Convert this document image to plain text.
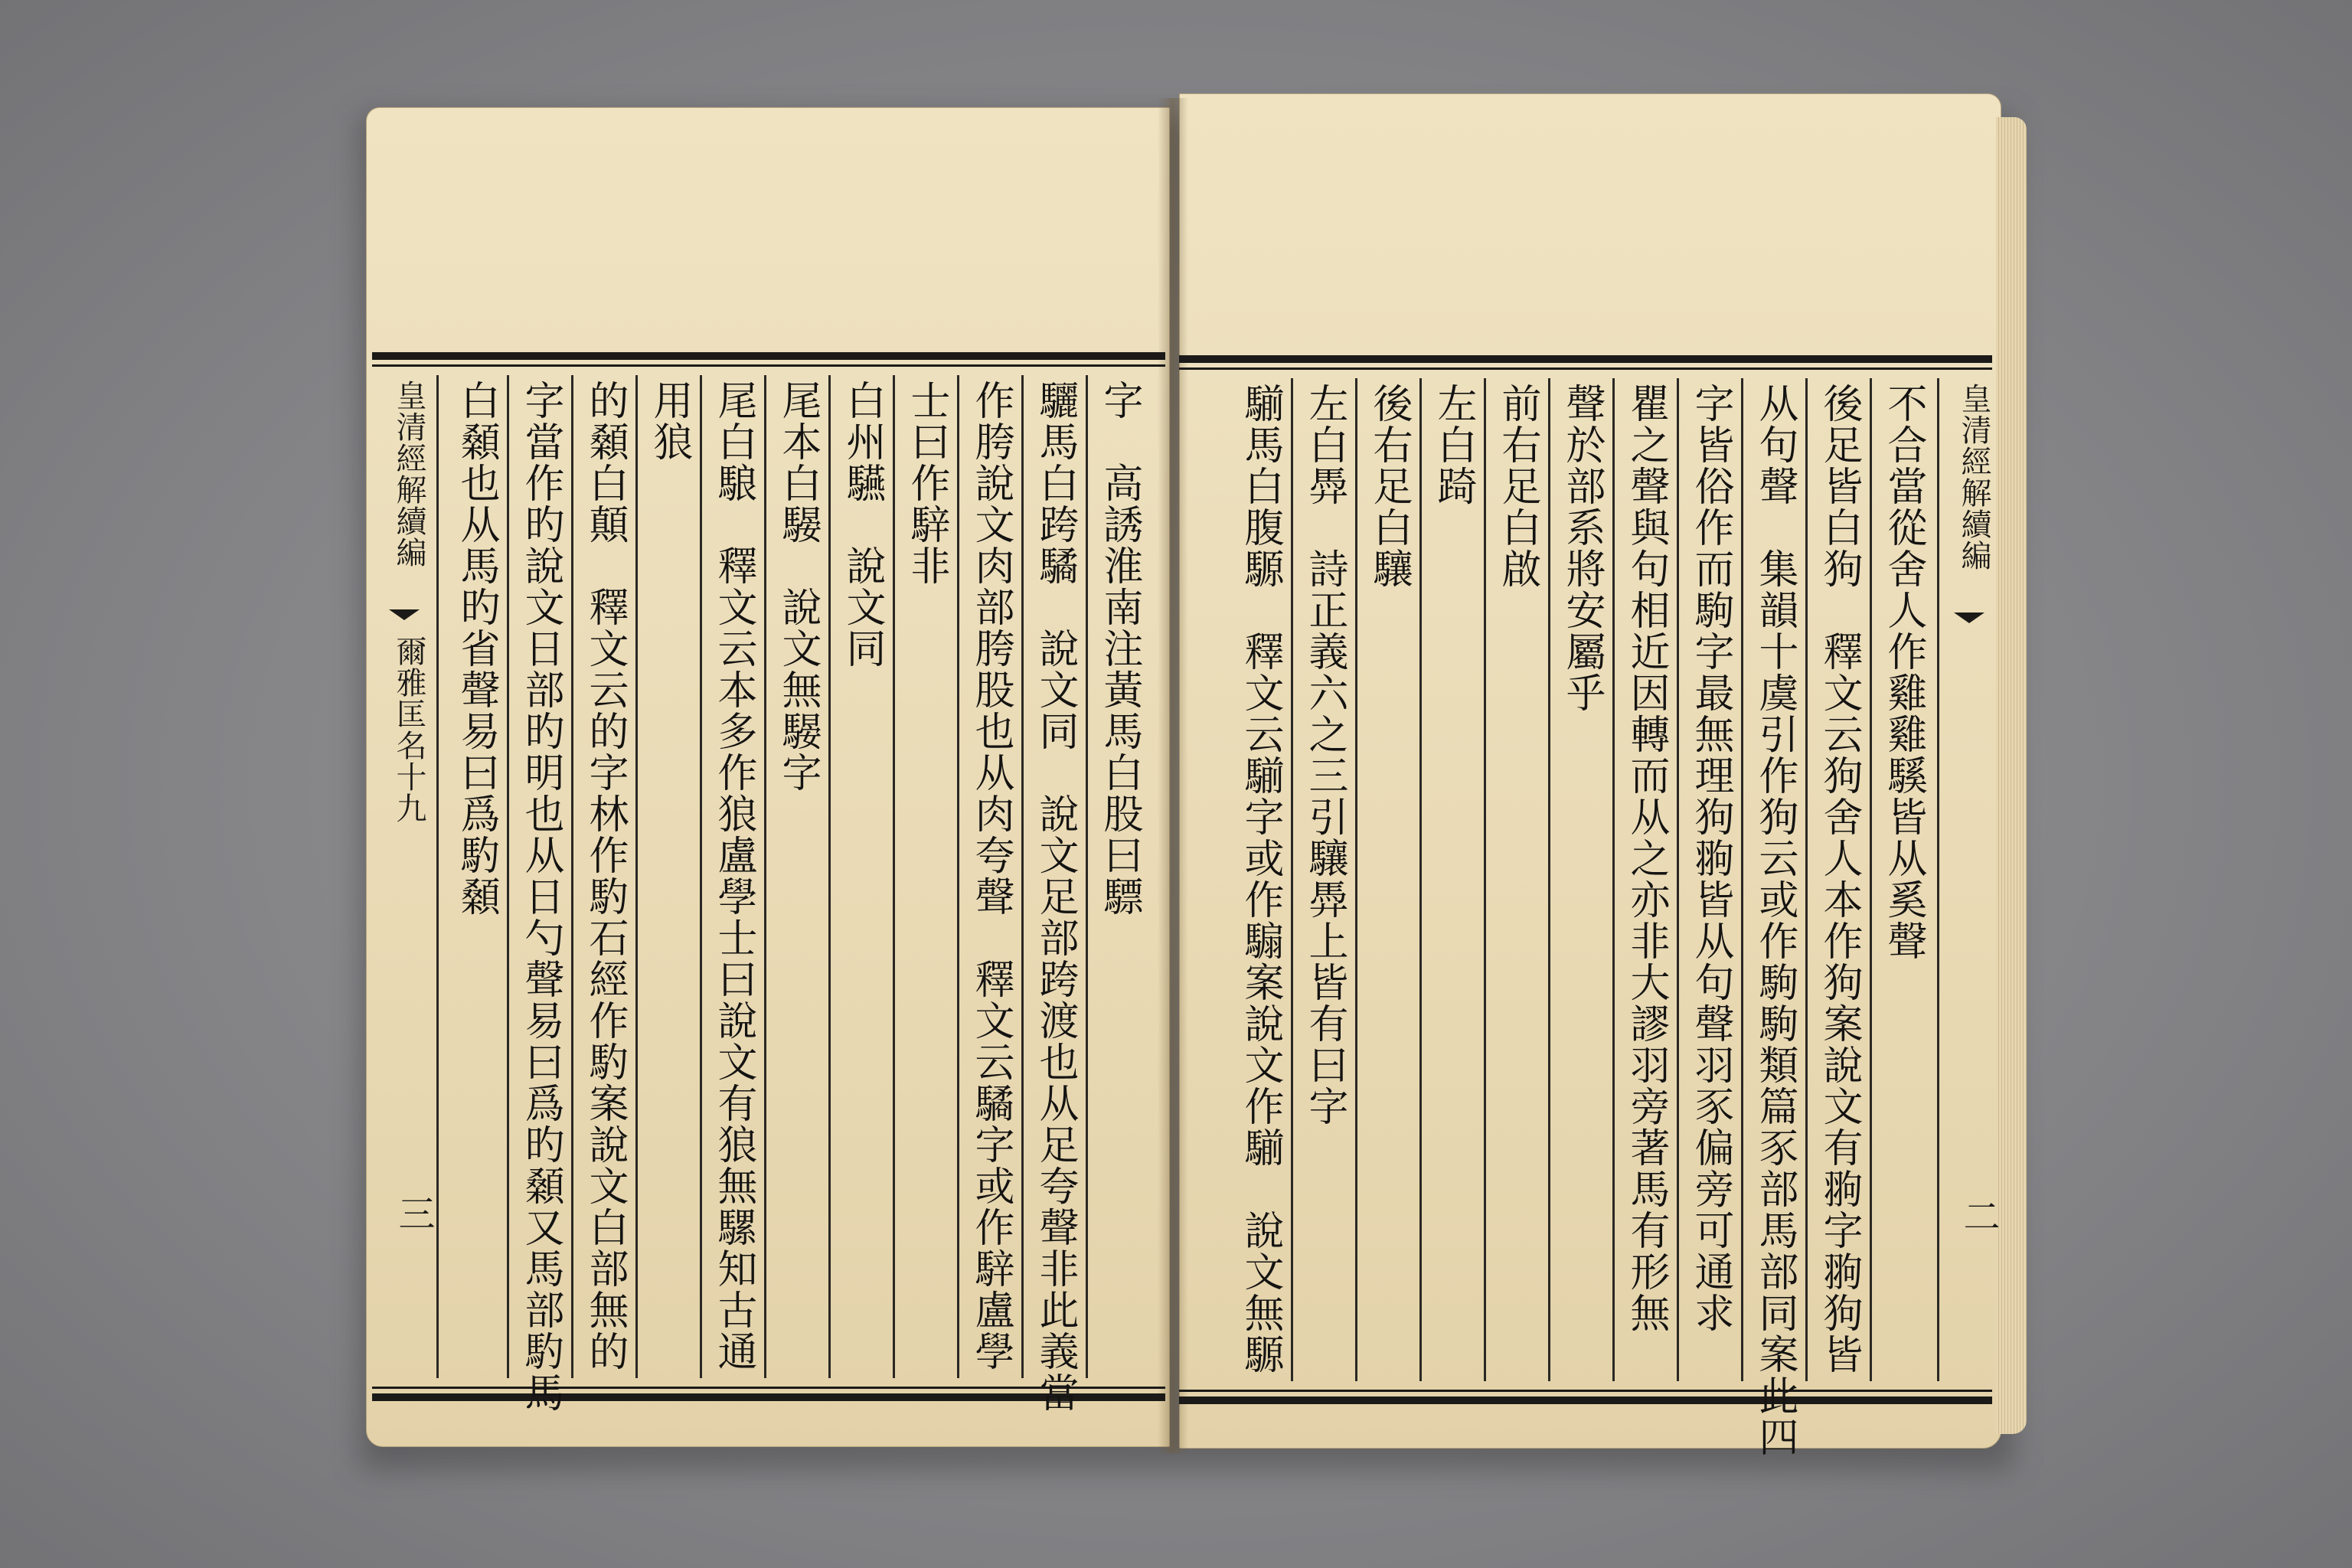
字　高誘淮南注黃馬白股曰驃
驪馬白跨驈　說文同　說文足部跨渡也从足夸聲非此義當
作胯說文肉部胯股也从肉夸聲　釋文云驈字或作騂盧學
士曰作騂非
白州驠　說文同
尾本白騴　說文無騴字
尾白駺　釋文云本多作狼盧學士曰說文有狼無騾知古通
用狼
的顙白顛　釋文云的字林作馰石經作馰案說文白部無的
字當作旳說文日部旳明也从日勺聲易曰爲旳顙又馬部馰馬
白顙也从馬旳省聲易曰爲馰顙
皇清經解續編
爾雅匡名十九
三
皇清經解續編
二
不合當從舍人作雞雞騱皆从奚聲
後足皆白狗　釋文云狗舍人本作狗案說文有翑字翑狗皆
从句聲　集韻十虞引作狗云或作駒駒類篇豕部馬部同案此四
字皆俗作而駒字最無理狗翑皆从句聲羽豕偏旁可通求
瞿之聲與句相近因轉而从之亦非大謬羽旁著馬有形無
聲於部系將安屬乎
前右足白啟
左白踦
後右足白驤
左白馵　詩正義六之三引驤馵上皆有曰字
騚馬白腹騵　釋文云騚字或作騸案說文作騚　說文無騵
